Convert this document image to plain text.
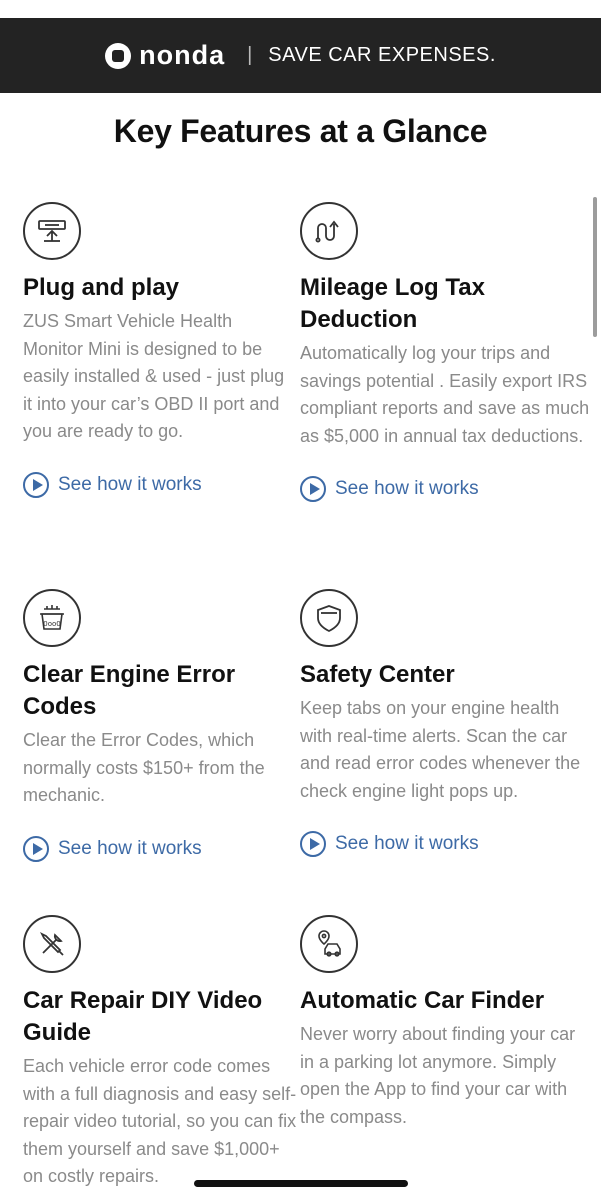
nonda | SAVE CAR EXPENSES.
Key Features at a Glance
Plug and play
ZUS Smart Vehicle Health Monitor Mini is designed to be easily installed & used - just plug it into your car’s OBD II port and you are ready to go.
See how it works
Mileage Log Tax Deduction
Automatically log your trips and savings potential . Easily export IRS compliant reports and save as much as $5,000 in annual tax deductions.
See how it works
0oo0
Clear Engine Error Codes
Clear the Error Codes, which normally costs $150+ from the mechanic.
See how it works
Safety Center
Keep tabs on your engine health with real-time alerts. Scan the car and read error codes whenever the check engine light pops up.
See how it works
Car Repair DIY Video Guide
Each vehicle error code comes with a full diagnosis and easy self-repair video tutorial, so you can fix them yourself and save $1,000+ on costly repairs.
Automatic Car Finder
Never worry about finding your car in a parking lot anymore. Simply open the App to find your car with the compass.
